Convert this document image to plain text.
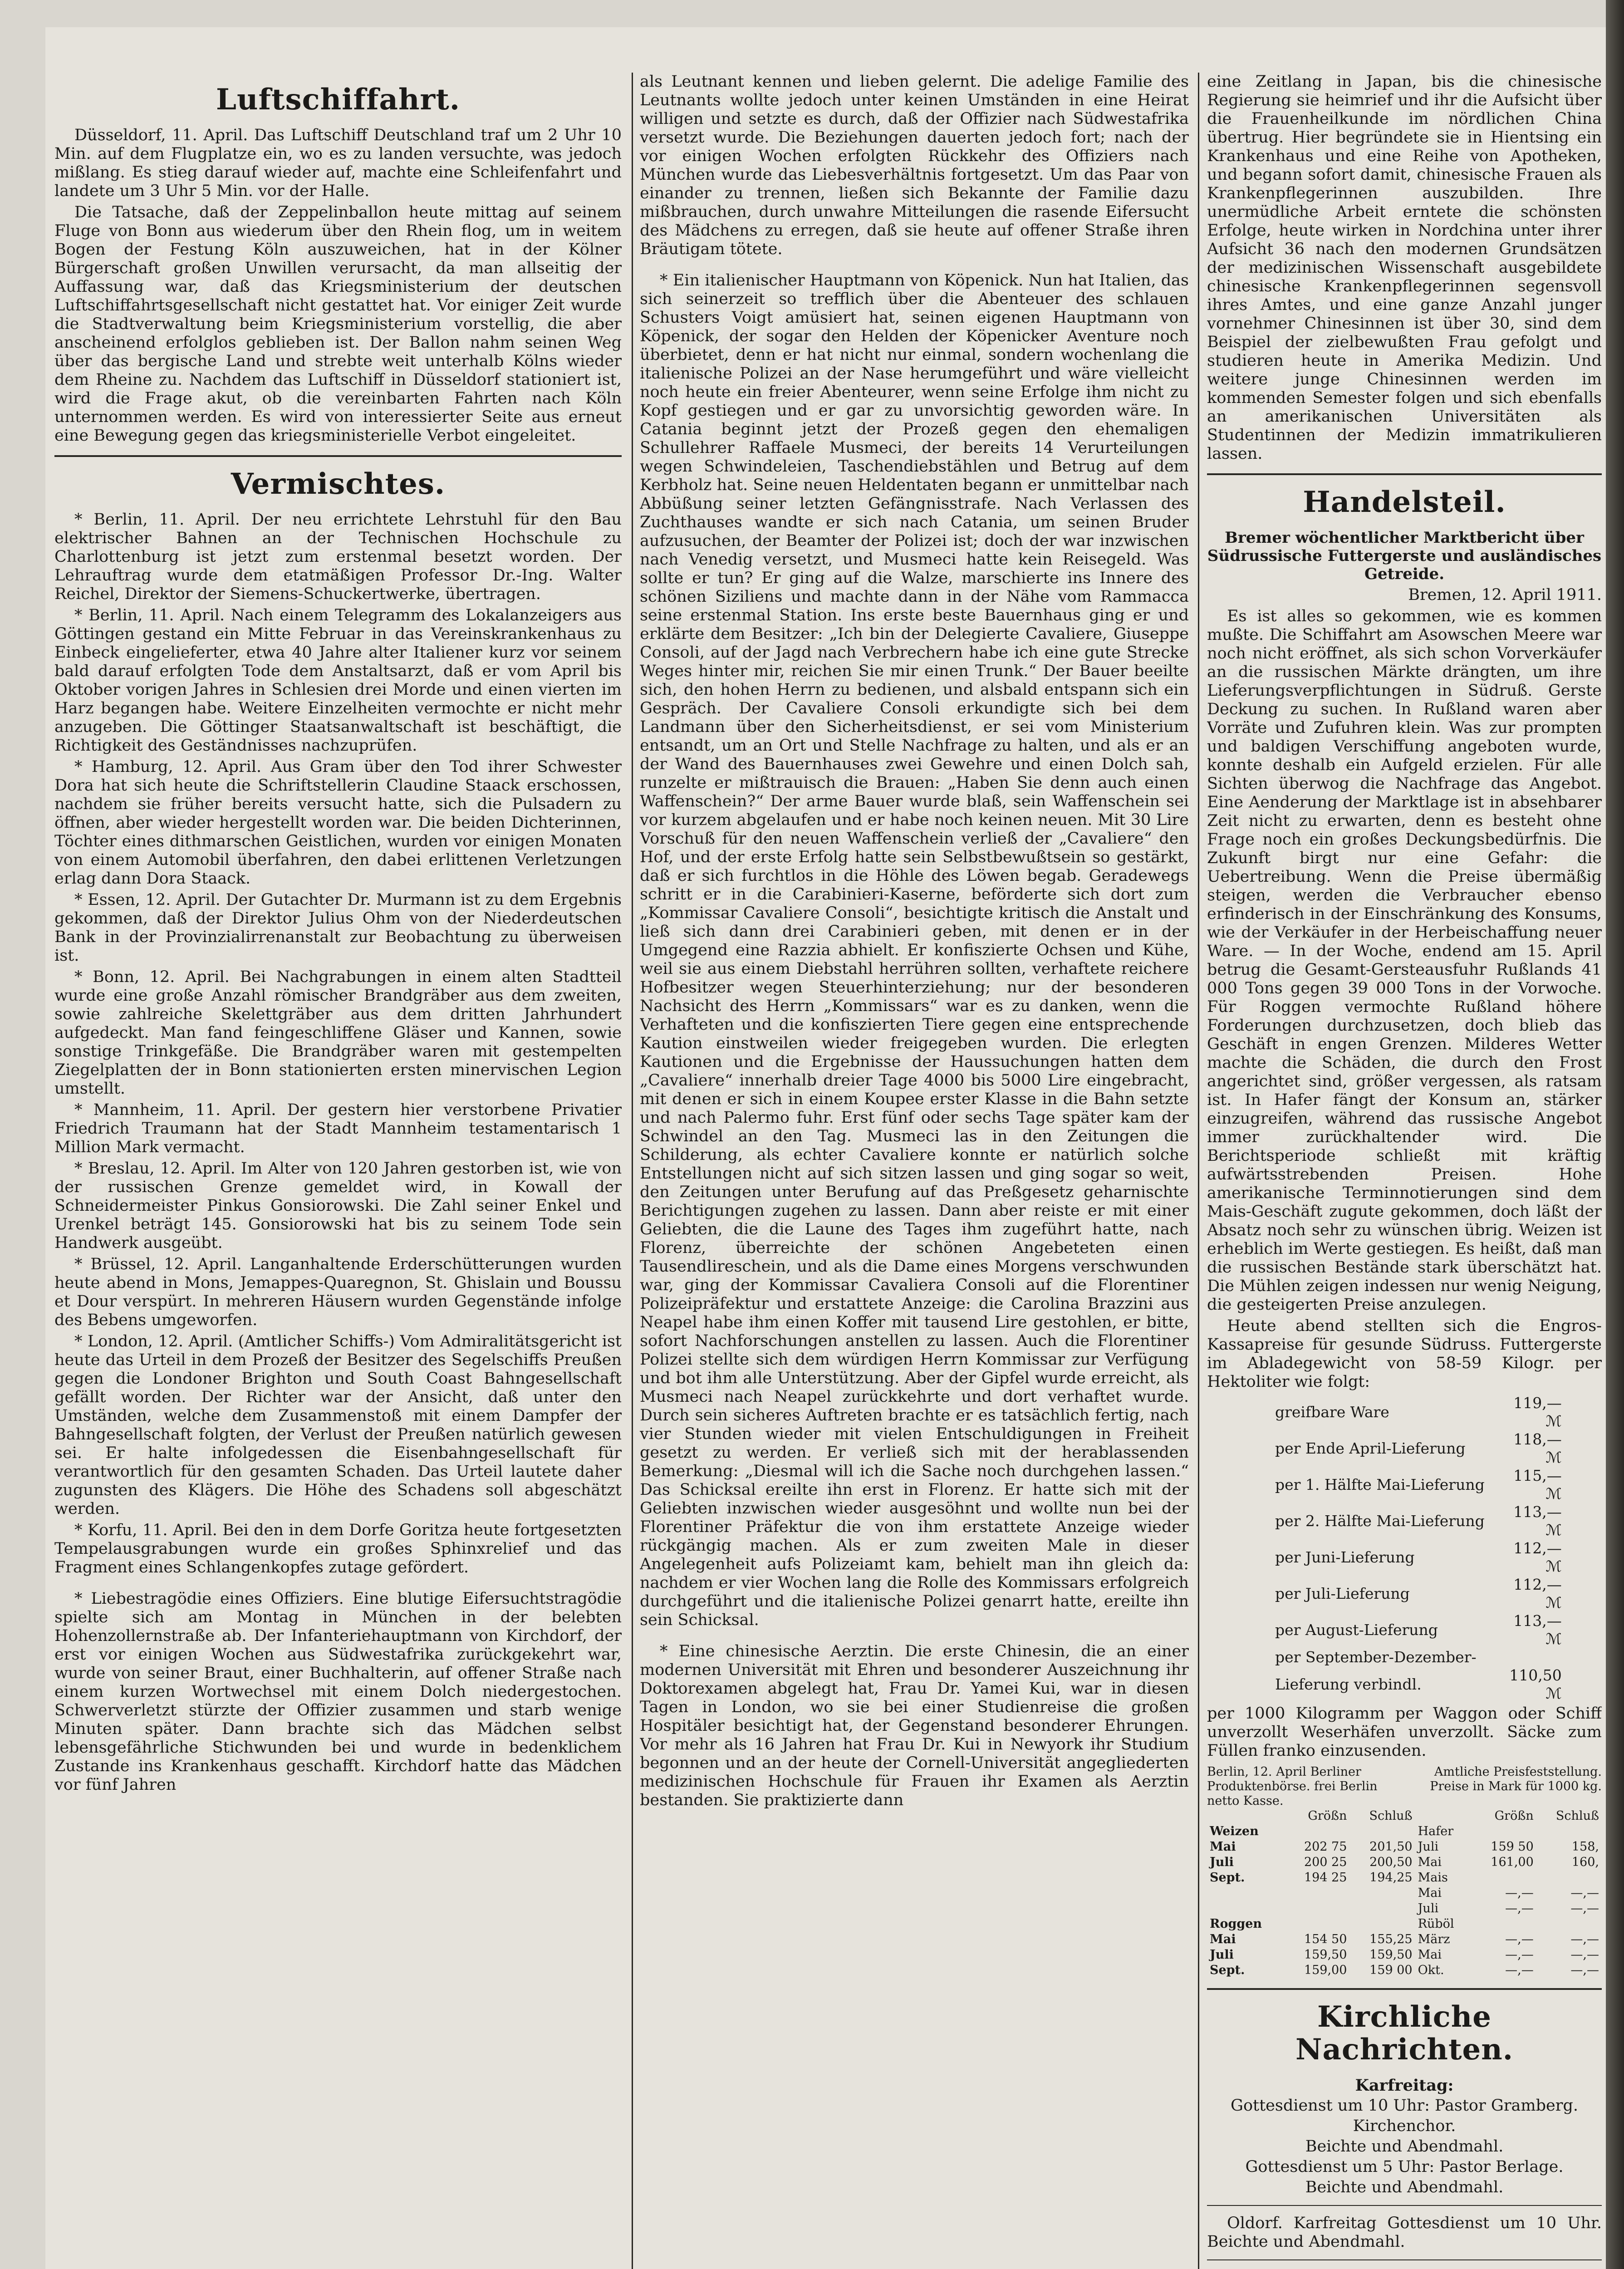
Luftschiffahrt.

Düsseldorf, 11. April. Das Luftschiff Deutschland traf um 2 Uhr 10 Min. auf dem Flugplatze ein, wo es zu landen versuchte, was jedoch mißlang. Es stieg darauf wieder auf, machte eine Schleifenfahrt und landete um 3 Uhr 5 Min. vor der Halle.

Die Tatsache, daß der Zeppelinballon heute mittag auf seinem Fluge von Bonn aus wiederum über den Rhein flog, um in weitem Bogen der Festung Köln auszuweichen, hat in der Kölner Bürgerschaft großen Unwillen verursacht, da man allseitig der Auffassung war, daß das Kriegsministerium der deutschen Luftschiffahrtsgesellschaft nicht gestattet hat. Vor einiger Zeit wurde die Stadtverwaltung beim Kriegsministerium vorstellig, die aber anscheinend erfolglos geblieben ist. Der Ballon nahm seinen Weg über das bergische Land und strebte weit unterhalb Kölns wieder dem Rheine zu. Nachdem das Luftschiff in Düsseldorf stationiert ist, wird die Frage akut, ob die vereinbarten Fahrten nach Köln unternommen werden. Es wird von interessierter Seite aus erneut eine Bewegung gegen das kriegsministerielle Verbot eingeleitet.

Vermischtes.

* Berlin, 11. April. Der neu errichtete Lehrstuhl für den Bau elektrischer Bahnen an der Technischen Hochschule zu Charlottenburg ist jetzt zum erstenmal besetzt worden. Der Lehrauftrag wurde dem etatmäßigen Professor Dr.-Ing. Walter Reichel, Direktor der Siemens-Schuckertwerke, übertragen.

* Berlin, 11. April. Nach einem Telegramm des Lokalanzeigers aus Göttingen gestand ein Mitte Februar in das Vereinskrankenhaus zu Einbeck eingelieferter, etwa 40 Jahre alter Italiener kurz vor seinem bald darauf erfolgten Tode dem Anstaltsarzt, daß er vom April bis Oktober vorigen Jahres in Schlesien drei Morde und einen vierten im Harz begangen habe. Weitere Einzelheiten vermochte er nicht mehr anzugeben. Die Göttinger Staatsanwaltschaft ist beschäftigt, die Richtigkeit des Geständnisses nachzuprüfen.

* Hamburg, 12. April. Aus Gram über den Tod ihrer Schwester Dora hat sich heute die Schriftstellerin Claudine Staack erschossen, nachdem sie früher bereits versucht hatte, sich die Pulsadern zu öffnen, aber wieder hergestellt worden war. Die beiden Dichterinnen, Töchter eines dithmarschen Geistlichen, wurden vor einigen Monaten von einem Automobil überfahren, den dabei erlittenen Verletzungen erlag dann Dora Staack.

* Essen, 12. April. Der Gutachter Dr. Murmann ist zu dem Ergebnis gekommen, daß der Direktor Julius Ohm von der Niederdeutschen Bank in der Provinzialirrenanstalt zur Beobachtung zu überweisen ist.

* Bonn, 12. April. Bei Nachgrabungen in einem alten Stadtteil wurde eine große Anzahl römischer Brandgräber aus dem zweiten, sowie zahlreiche Skelettgräber aus dem dritten Jahrhundert aufgedeckt. Man fand feingeschliffene Gläser und Kannen, sowie sonstige Trinkgefäße. Die Brandgräber waren mit gestempelten Ziegelplatten der in Bonn stationierten ersten minervischen Legion umstellt.

* Mannheim, 11. April. Der gestern hier verstorbene Privatier Friedrich Traumann hat der Stadt Mannheim testamentarisch 1 Million Mark vermacht.

* Breslau, 12. April. Im Alter von 120 Jahren gestorben ist, wie von der russischen Grenze gemeldet wird, in Kowall der Schneidermeister Pinkus Gonsiorowski. Die Zahl seiner Enkel und Urenkel beträgt 145. Gonsiorowski hat bis zu seinem Tode sein Handwerk ausgeübt.

* Brüssel, 12. April. Langanhaltende Erderschütterungen wurden heute abend in Mons, Jemappes-Quaregnon, St. Ghislain und Boussu et Dour verspürt. In mehreren Häusern wurden Gegenstände infolge des Bebens umgeworfen.

* London, 12. April. (Amtlicher Schiffs-) Vom Admiralitätsgericht ist heute das Urteil in dem Prozeß der Besitzer des Segelschiffs Preußen gegen die Londoner Brighton und South Coast Bahngesellschaft gefällt worden. Der Richter war der Ansicht, daß unter den Umständen, welche dem Zusammenstoß mit einem Dampfer der Bahngesellschaft folgten, der Verlust der Preußen natürlich gewesen sei. Er halte infolgedessen die Eisenbahngesellschaft für verantwortlich für den gesamten Schaden. Das Urteil lautete daher zugunsten des Klägers. Die Höhe des Schadens soll abgeschätzt werden.

* Korfu, 11. April. Bei den in dem Dorfe Goritza heute fortgesetzten Tempelausgrabungen wurde ein großes Sphinxrelief und das Fragment eines Schlangenkopfes zutage gefördert.

* Liebestragödie eines Offiziers. Eine blutige Eifersuchtstragödie spielte sich am Montag in München in der belebten Hohenzollernstraße ab. Der Infanteriehauptmann von Kirchdorf, der erst vor einigen Wochen aus Südwestafrika zurückgekehrt war, wurde von seiner Braut, einer Buchhalterin, auf offener Straße nach einem kurzen Wortwechsel mit einem Dolch niedergestochen. Schwerverletzt stürzte der Offizier zusammen und starb wenige Minuten später. Dann brachte sich das Mädchen selbst lebensgefährliche Stichwunden bei und wurde in bedenklichem Zustande ins Krankenhaus geschafft. Kirchdorf hatte das Mädchen vor fünf Jahren

als Leutnant kennen und lieben gelernt. Die adelige Familie des Leutnants wollte jedoch unter keinen Umständen in eine Heirat willigen und setzte es durch, daß der Offizier nach Südwestafrika versetzt wurde. Die Beziehungen dauerten jedoch fort; nach der vor einigen Wochen erfolgten Rückkehr des Offiziers nach München wurde das Liebesverhältnis fortgesetzt. Um das Paar von einander zu trennen, ließen sich Bekannte der Familie dazu mißbrauchen, durch unwahre Mitteilungen die rasende Eifersucht des Mädchens zu erregen, daß sie heute auf offener Straße ihren Bräutigam tötete.

* Ein italienischer Hauptmann von Köpenick. Nun hat Italien, das sich seinerzeit so trefflich über die Abenteuer des schlauen Schusters Voigt amüsiert hat, seinen eigenen Hauptmann von Köpenick, der sogar den Helden der Köpenicker Aventure noch überbietet, denn er hat nicht nur einmal, sondern wochenlang die italienische Polizei an der Nase herumgeführt und wäre vielleicht noch heute ein freier Abenteurer, wenn seine Erfolge ihm nicht zu Kopf gestiegen und er gar zu unvorsichtig geworden wäre. In Catania beginnt jetzt der Prozeß gegen den ehemaligen Schullehrer Raffaele Musmeci, der bereits 14 Verurteilungen wegen Schwindeleien, Taschendiebstählen und Betrug auf dem Kerbholz hat. Seine neuen Heldentaten begann er unmittelbar nach Abbüßung seiner letzten Gefängnisstrafe. Nach Verlassen des Zuchthauses wandte er sich nach Catania, um seinen Bruder aufzusuchen, der Beamter der Polizei ist; doch der war inzwischen nach Venedig versetzt, und Musmeci hatte kein Reisegeld. Was sollte er tun? Er ging auf die Walze, marschierte ins Innere des schönen Siziliens und machte dann in der Nähe vom Rammacca seine erstenmal Station. Ins erste beste Bauernhaus ging er und erklärte dem Besitzer: „Ich bin der Delegierte Cavaliere, Giuseppe Consoli, auf der Jagd nach Verbrechern habe ich eine gute Strecke Weges hinter mir, reichen Sie mir einen Trunk.“ Der Bauer beeilte sich, den hohen Herrn zu bedienen, und alsbald entspann sich ein Gespräch. Der Cavaliere Consoli erkundigte sich bei dem Landmann über den Sicherheitsdienst, er sei vom Ministerium entsandt, um an Ort und Stelle Nachfrage zu halten, und als er an der Wand des Bauernhauses zwei Gewehre und einen Dolch sah, runzelte er mißtrauisch die Brauen: „Haben Sie denn auch einen Waffenschein?“ Der arme Bauer wurde blaß, sein Waffenschein sei vor kurzem abgelaufen und er habe noch keinen neuen. Mit 30 Lire Vorschuß für den neuen Waffenschein verließ der „Cavaliere“ den Hof, und der erste Erfolg hatte sein Selbstbewußtsein so gestärkt, daß er sich furchtlos in die Höhle des Löwen begab. Geradewegs schritt er in die Carabinieri-Kaserne, beförderte sich dort zum „Kommissar Cavaliere Consoli“, besichtigte kritisch die Anstalt und ließ sich dann drei Carabinieri geben, mit denen er in der Umgegend eine Razzia abhielt. Er konfiszierte Ochsen und Kühe, weil sie aus einem Diebstahl herrühren sollten, verhaftete reichere Hofbesitzer wegen Steuerhinterziehung; nur der besonderen Nachsicht des Herrn „Kommissars“ war es zu danken, wenn die Verhafteten und die konfiszierten Tiere gegen eine entsprechende Kaution einstweilen wieder freigegeben wurden. Die erlegten Kautionen und die Ergebnisse der Haussuchungen hatten dem „Cavaliere“ innerhalb dreier Tage 4000 bis 5000 Lire eingebracht, mit denen er sich in einem Koupee erster Klasse in die Bahn setzte und nach Palermo fuhr. Erst fünf oder sechs Tage später kam der Schwindel an den Tag. Musmeci las in den Zeitungen die Schilderung, als echter Cavaliere konnte er natürlich solche Entstellungen nicht auf sich sitzen lassen und ging sogar so weit, den Zeitungen unter Berufung auf das Preßgesetz geharnischte Berichtigungen zugehen zu lassen. Dann aber reiste er mit einer Geliebten, die die Laune des Tages ihm zugeführt hatte, nach Florenz, überreichte der schönen Angebeteten einen Tausendlireschein, und als die Dame eines Morgens verschwunden war, ging der Kommissar Cavaliera Consoli auf die Florentiner Polizeipräfektur und erstattete Anzeige: die Carolina Brazzini aus Neapel habe ihm einen Koffer mit tausend Lire gestohlen, er bitte, sofort Nachforschungen anstellen zu lassen. Auch die Florentiner Polizei stellte sich dem würdigen Herrn Kommissar zur Verfügung und bot ihm alle Unterstützung. Aber der Gipfel wurde erreicht, als Musmeci nach Neapel zurückkehrte und dort verhaftet wurde. Durch sein sicheres Auftreten brachte er es tatsächlich fertig, nach vier Stunden wieder mit vielen Entschuldigungen in Freiheit gesetzt zu werden. Er verließ sich mit der herablassenden Bemerkung: „Diesmal will ich die Sache noch durchgehen lassen.“ Das Schicksal ereilte ihn erst in Florenz. Er hatte sich mit der Geliebten inzwischen wieder ausgesöhnt und wollte nun bei der Florentiner Präfektur die von ihm erstattete Anzeige wieder rückgängig machen. Als er zum zweiten Male in dieser Angelegenheit aufs Polizeiamt kam, behielt man ihn gleich da: nachdem er vier Wochen lang die Rolle des Kommissars erfolgreich durchgeführt und die italienische Polizei genarrt hatte, ereilte ihn sein Schicksal.

* Eine chinesische Aerztin. Die erste Chinesin, die an einer modernen Universität mit Ehren und besonderer Auszeichnung ihr Doktorexamen abgelegt hat, Frau Dr. Yamei Kui, war in diesen Tagen in London, wo sie bei einer Studienreise die großen Hospitäler besichtigt hat, der Gegenstand besonderer Ehrungen. Vor mehr als 16 Jahren hat Frau Dr. Kui in Newyork ihr Studium begonnen und an der heute der Cornell-Universität angegliederten medizinischen Hochschule für Frauen ihr Examen als Aerztin bestanden. Sie praktizierte dann

eine Zeitlang in Japan, bis die chinesische Regierung sie heimrief und ihr die Aufsicht über die Frauenheilkunde im nördlichen China übertrug. Hier begründete sie in Hientsing ein Krankenhaus und eine Reihe von Apotheken, und begann sofort damit, chinesische Frauen als Krankenpflegerinnen auszubilden. Ihre unermüdliche Arbeit erntete die schönsten Erfolge, heute wirken in Nordchina unter ihrer Aufsicht 36 nach den modernen Grundsätzen der medizinischen Wissenschaft ausgebildete chinesische Krankenpflegerinnen segensvoll ihres Amtes, und eine ganze Anzahl junger vornehmer Chinesinnen ist über 30, sind dem Beispiel der zielbewußten Frau gefolgt und studieren heute in Amerika Medizin. Und weitere junge Chinesinnen werden im kommenden Semester folgen und sich ebenfalls an amerikanischen Universitäten als Studentinnen der Medizin immatrikulieren lassen.

Handelsteil.
Bremer wöchentlicher Marktbericht über Südrussische Futtergerste und ausländisches Getreide.
Bremen, 12. April 1911.

Es ist alles so gekommen, wie es kommen mußte. Die Schiffahrt am Asowschen Meere war noch nicht eröffnet, als sich schon Vorverkäufer an die russischen Märkte drängten, um ihre Lieferungsverpflichtungen in Südruß. Gerste Deckung zu suchen. In Rußland waren aber Vorräte und Zufuhren klein. Was zur prompten und baldigen Verschiffung angeboten wurde, konnte deshalb ein Aufgeld erzielen. Für alle Sichten überwog die Nachfrage das Angebot. Eine Aenderung der Marktlage ist in absehbarer Zeit nicht zu erwarten, denn es besteht ohne Frage noch ein großes Deckungsbedürfnis. Die Zukunft birgt nur eine Gefahr: die Uebertreibung. Wenn die Preise übermäßig steigen, werden die Verbraucher ebenso erfinderisch in der Einschränkung des Konsums, wie der Verkäufer in der Herbeischaffung neuer Ware. — In der Woche, endend am 15. April betrug die Gesamt-Gersteausfuhr Rußlands 41 000 Tons gegen 39 000 Tons in der Vorwoche. Für Roggen vermochte Rußland höhere Forderungen durchzusetzen, doch blieb das Geschäft in engen Grenzen. Milderes Wetter machte die Schäden, die durch den Frost angerichtet sind, größer vergessen, als ratsam ist. In Hafer fängt der Konsum an, stärker einzugreifen, während das russische Angebot immer zurückhaltender wird. Die Berichtsperiode schließt mit kräftig aufwärtsstrebenden Preisen. Hohe amerikanische Terminnotierungen sind dem Mais-Geschäft zugute gekommen, doch läßt der Absatz noch sehr zu wünschen übrig. Weizen ist erheblich im Werte gestiegen. Es heißt, daß man die russischen Bestände stark überschätzt hat. Die Mühlen zeigen indessen nur wenig Neigung, die gesteigerten Preise anzulegen.

Heute abend stellten sich die Engros-Kassapreise für gesunde Südruss. Futtergerste im Abladegewicht von 58-59 Kilogr. per Hektoliter wie folgt:

greifbare Ware	119,— ℳ
per Ende April-Lieferung	118,— ℳ
per 1. Hälfte Mai-Lieferung	115,— ℳ
per 2. Hälfte Mai-Lieferung	113,— ℳ
per Juni-Lieferung	112,— ℳ
per Juli-Lieferung	112,— ℳ
per August-Lieferung	113,— ℳ
per September-Dezember-	
Lieferung verbindl.	110,50 ℳ

per 1000 Kilogramm per Waggon oder Schiff unverzollt Weserhäfen unverzollt. Säcke zum Füllen franko einzusenden.

Berlin, 12. April Berliner Produktenbörse. frei Berlin netto Kasse.
Amtliche Preisfeststellung. Preise in Mark für 1000 kg.
	Größn	Schluß		Größn	Schluß
Weizen			Hafer		
Mai	202 75	201,50	Juli	159 50	158,
Juli	200 25	200,50	Mai	161,00	160,
Sept.	194 25	194,25	Mais		
			Mai	—,—	—,—
			Juli	—,—	—,—
Roggen			Rüböl		
Mai	154 50	155,25	März	—,—	—,—
Juli	159,50	159,50	Mai	—,—	—,—
Sept.	159,00	159 00	Okt.	—,—	—,—
Kirchliche Nachrichten.
Karfreitag:
Gottesdienst um 10 Uhr: Pastor Gramberg.
Kirchenchor.
Beichte und Abendmahl.
Gottesdienst um 5 Uhr: Pastor Berlage.
Beichte und Abendmahl.

Oldorf. Karfreitag Gottesdienst um 10 Uhr. Beichte und Abendmahl.
